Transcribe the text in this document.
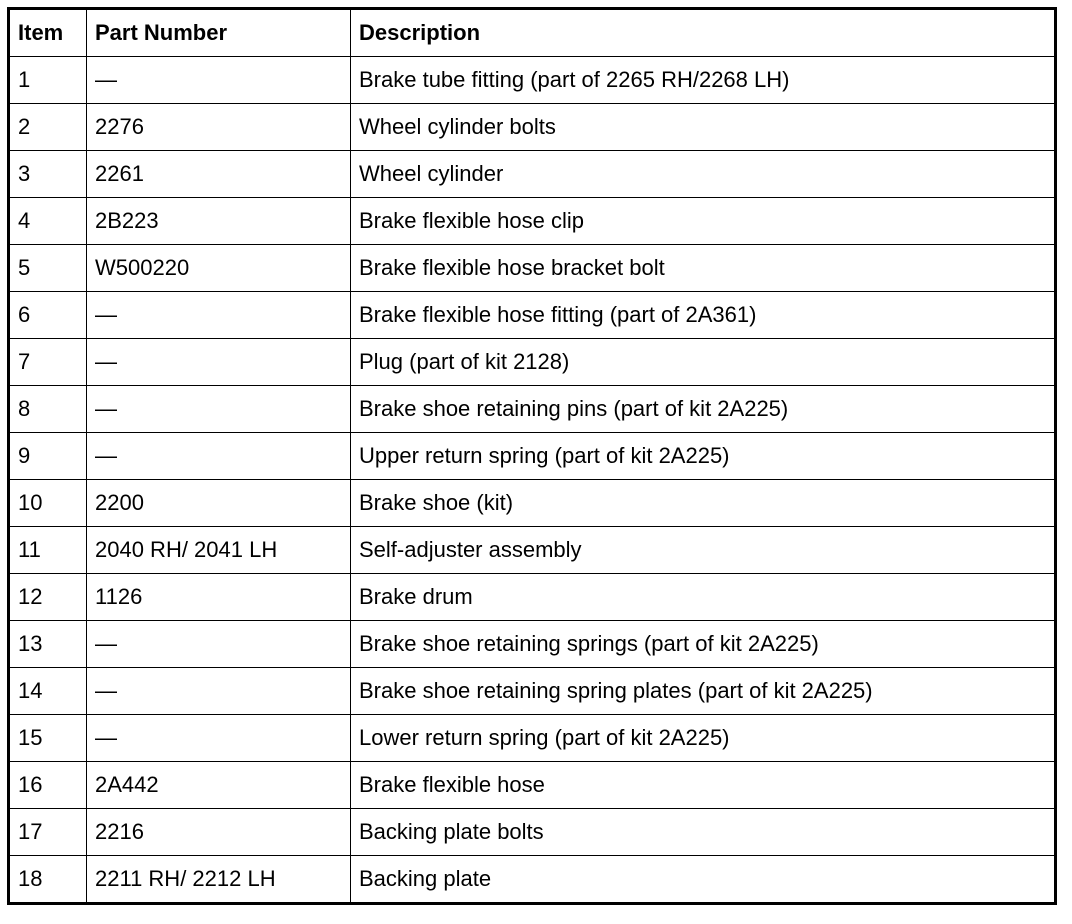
Item	Part Number	Description
1	—	Brake tube fitting (part of 2265 RH/2268 LH)
2	2276	Wheel cylinder bolts
3	2261	Wheel cylinder
4	2B223	Brake flexible hose clip
5	W500220	Brake flexible hose bracket bolt
6	—	Brake flexible hose fitting (part of 2A361)
7	—	Plug (part of kit 2128)
8	—	Brake shoe retaining pins (part of kit 2A225)
9	—	Upper return spring (part of kit 2A225)
10	2200	Brake shoe (kit)
11	2040 RH/ 2041 LH	Self-adjuster assembly
12	1126	Brake drum
13	—	Brake shoe retaining springs (part of kit 2A225)
14	—	Brake shoe retaining spring plates (part of kit 2A225)
15	—	Lower return spring (part of kit 2A225)
16	2A442	Brake flexible hose
17	2216	Backing plate bolts
18	2211 RH/ 2212 LH	Backing plate
